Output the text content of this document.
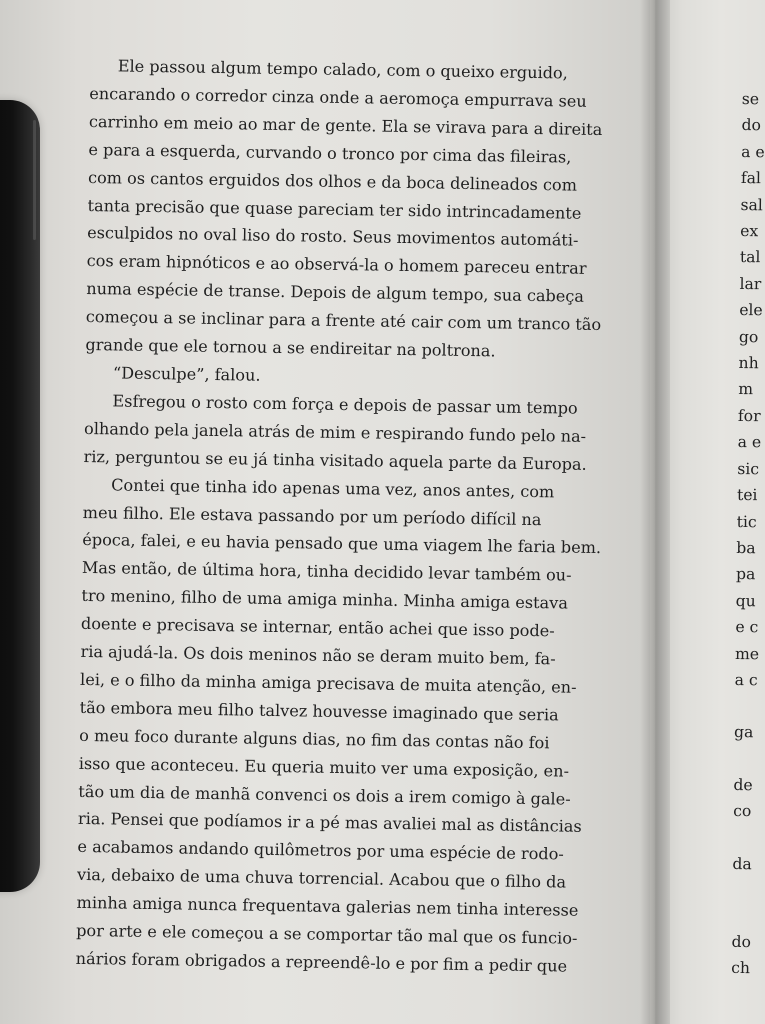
Ele passou algum tempo calado, com o queixo erguido,
encarando o corredor cinza onde a aeromoça empurrava seu
carrinho em meio ao mar de gente. Ela se virava para a direita
e para a esquerda, curvando o tronco por cima das fileiras,
com os cantos erguidos dos olhos e da boca delineados com
tanta precisão que quase pareciam ter sido intrincadamente
esculpidos no oval liso do rosto. Seus movimentos automáti-
cos eram hipnóticos e ao observá-la o homem pareceu entrar
numa espécie de transe. Depois de algum tempo, sua cabeça
começou a se inclinar para a frente até cair com um tranco tão
grande que ele tornou a se endireitar na poltrona.
“Desculpe”, falou.
Esfregou o rosto com força e depois de passar um tempo
olhando pela janela atrás de mim e respirando fundo pelo na-
riz, perguntou se eu já tinha visitado aquela parte da Europa.
Contei que tinha ido apenas uma vez, anos antes, com
meu filho. Ele estava passando por um período difícil na
época, falei, e eu havia pensado que uma viagem lhe faria bem.
Mas então, de última hora, tinha decidido levar também ou-
tro menino, filho de uma amiga minha. Minha amiga estava
doente e precisava se internar, então achei que isso pode-
ria ajudá-la. Os dois meninos não se deram muito bem, fa-
lei, e o filho da minha amiga precisava de muita atenção, en-
tão embora meu filho talvez houvesse imaginado que seria
o meu foco durante alguns dias, no fim das contas não foi
isso que aconteceu. Eu queria muito ver uma exposição, en-
tão um dia de manhã convenci os dois a irem comigo à gale-
ria. Pensei que podíamos ir a pé mas avaliei mal as distâncias
e acabamos andando quilômetros por uma espécie de rodo-
via, debaixo de uma chuva torrencial. Acabou que o filho da
minha amiga nunca frequentava galerias nem tinha interesse
por arte e ele começou a se comportar tão mal que os funcio-
nários foram obrigados a repreendê-lo e por fim a pedir que
se
do
a e
fal
sal
ex
tal
lar
ele
go
nh
m
for
a e
sic
tei
tic
ba
pa
qu
e c
me
a c
ga
de
co
da
do
ch
